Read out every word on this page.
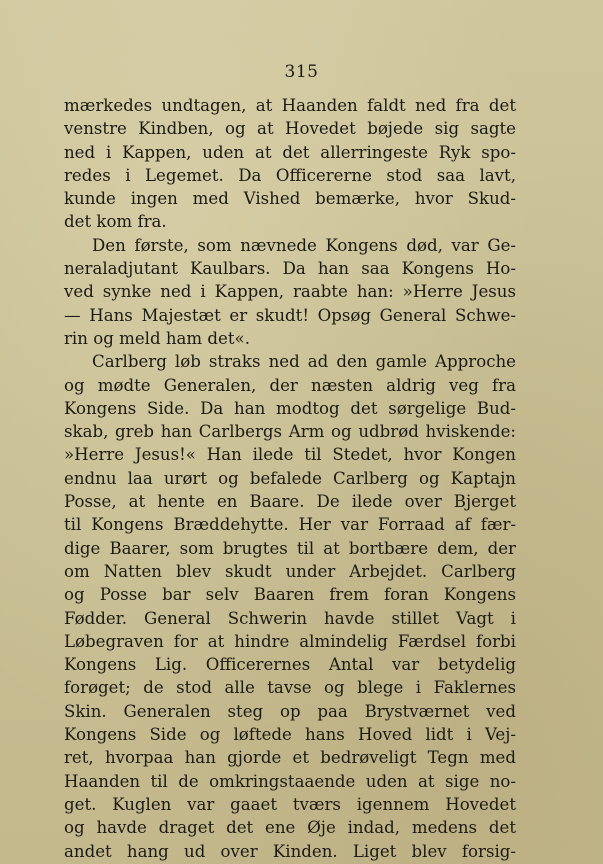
315
mærkedes undtagen, at Haanden faldt ned fra det
venstre Kindben, og at Hovedet bøjede sig sagte
ned i Kappen, uden at det allerringeste Ryk spo-
redes i Legemet. Da Officererne stod saa lavt,
kunde ingen med Vished bemærke, hvor Skud-
det kom fra.
Den første, som nævnede Kongens død, var Ge-
neraladjutant Kaulbars. Da han saa Kongens Ho-
ved synke ned i Kappen, raabte han: »Herre Jesus
— Hans Majestæt er skudt! Opsøg General Schwe-
rin og meld ham det«.
Carlberg løb straks ned ad den gamle Approche
og mødte Generalen, der næsten aldrig veg fra
Kongens Side. Da han modtog det sørgelige Bud-
skab, greb han Carlbergs Arm og udbrød hviskende:
»Herre Jesus!« Han ilede til Stedet, hvor Kongen
endnu laa urørt og befalede Carlberg og Kaptajn
Posse, at hente en Baare. De ilede over Bjerget
til Kongens Bræddehytte. Her var Forraad af fær-
dige Baarer, som brugtes til at bortbære dem, der
om Natten blev skudt under Arbejdet. Carlberg
og Posse bar selv Baaren frem foran Kongens
Fødder. General Schwerin havde stillet Vagt i
Løbegraven for at hindre almindelig Færdsel forbi
Kongens Lig. Officerernes Antal var betydelig
forøget; de stod alle tavse og blege i Faklernes
Skin. Generalen steg op paa Brystværnet ved
Kongens Side og løftede hans Hoved lidt i Vej-
ret, hvorpaa han gjorde et bedrøveligt Tegn med
Haanden til de omkringstaaende uden at sige no-
get. Kuglen var gaaet tværs igennem Hovedet
og havde draget det ene Øje indad, medens det
andet hang ud over Kinden. Liget blev forsig-
